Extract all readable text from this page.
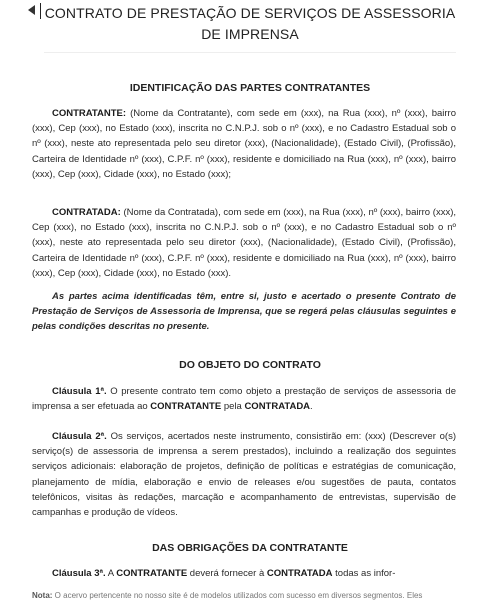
CONTRATO DE PRESTAÇÃO DE SERVIÇOS DE ASSESSORIA DE IMPRENSA
IDENTIFICAÇÃO DAS PARTES CONTRATANTES

CONTRATANTE: (Nome da Contratante), com sede em (xxx), na Rua (xxx), nº (xxx), bairro (xxx), Cep (xxx), no Estado (xxx), inscrita no C.N.P.J. sob o nº (xxx), e no Cadastro Estadual sob o nº (xxx), neste ato representada pelo seu diretor (xxx), (Nacionalidade), (Estado Civil), (Profissão), Carteira de Identidade nº (xxx), C.P.F. nº (xxx), residente e domiciliado na Rua (xxx), nº (xxx), bairro (xxx), Cep (xxx), Cidade (xxx), no Estado (xxx);

CONTRATADA: (Nome da Contratada), com sede em (xxx), na Rua (xxx), nº (xxx), bairro (xxx), Cep (xxx), no Estado (xxx), inscrita no C.N.P.J. sob o nº (xxx), e no Cadastro Estadual sob o nº (xxx), neste ato representada pelo seu diretor (xxx), (Nacionalidade), (Estado Civil), (Profissão), Carteira de Identidade nº (xxx), C.P.F. nº (xxx), residente e domiciliado na Rua (xxx), nº (xxx), bairro (xxx), Cep (xxx), Cidade (xxx), no Estado (xxx).

As partes acima identificadas têm, entre si, justo e acertado o presente Contrato de Prestação de Serviços de Assessoria de Imprensa, que se regerá pelas cláusulas seguintes e pelas condições descritas no presente.

DO OBJETO DO CONTRATO

Cláusula 1ª. O presente contrato tem como objeto a prestação de serviços de assessoria de imprensa a ser efetuada ao CONTRATANTE pela CONTRATADA.

Cláusula 2ª. Os serviços, acertados neste instrumento, consistirão em: (xxx) (Descrever o(s) serviço(s) de assessoria de imprensa a serem prestados), incluindo a realização dos seguintes serviços adicionais: elaboração de projetos, definição de políticas e estratégias de comunicação, planejamento de mídia, elaboração e envio de releases e/ou sugestões de pauta, contatos telefônicos, visitas às redações, marcação e acompanhamento de entrevistas, supervisão de campanhas e produção de vídeos.

DAS OBRIGAÇÕES DA CONTRATANTE

Cláusula 3ª. A CONTRATANTE deverá fornecer à CONTRATADA todas as infor-

Nota: O acervo pertencente no nosso site é de modelos utilizados com sucesso em diversos segmentos. Eles
